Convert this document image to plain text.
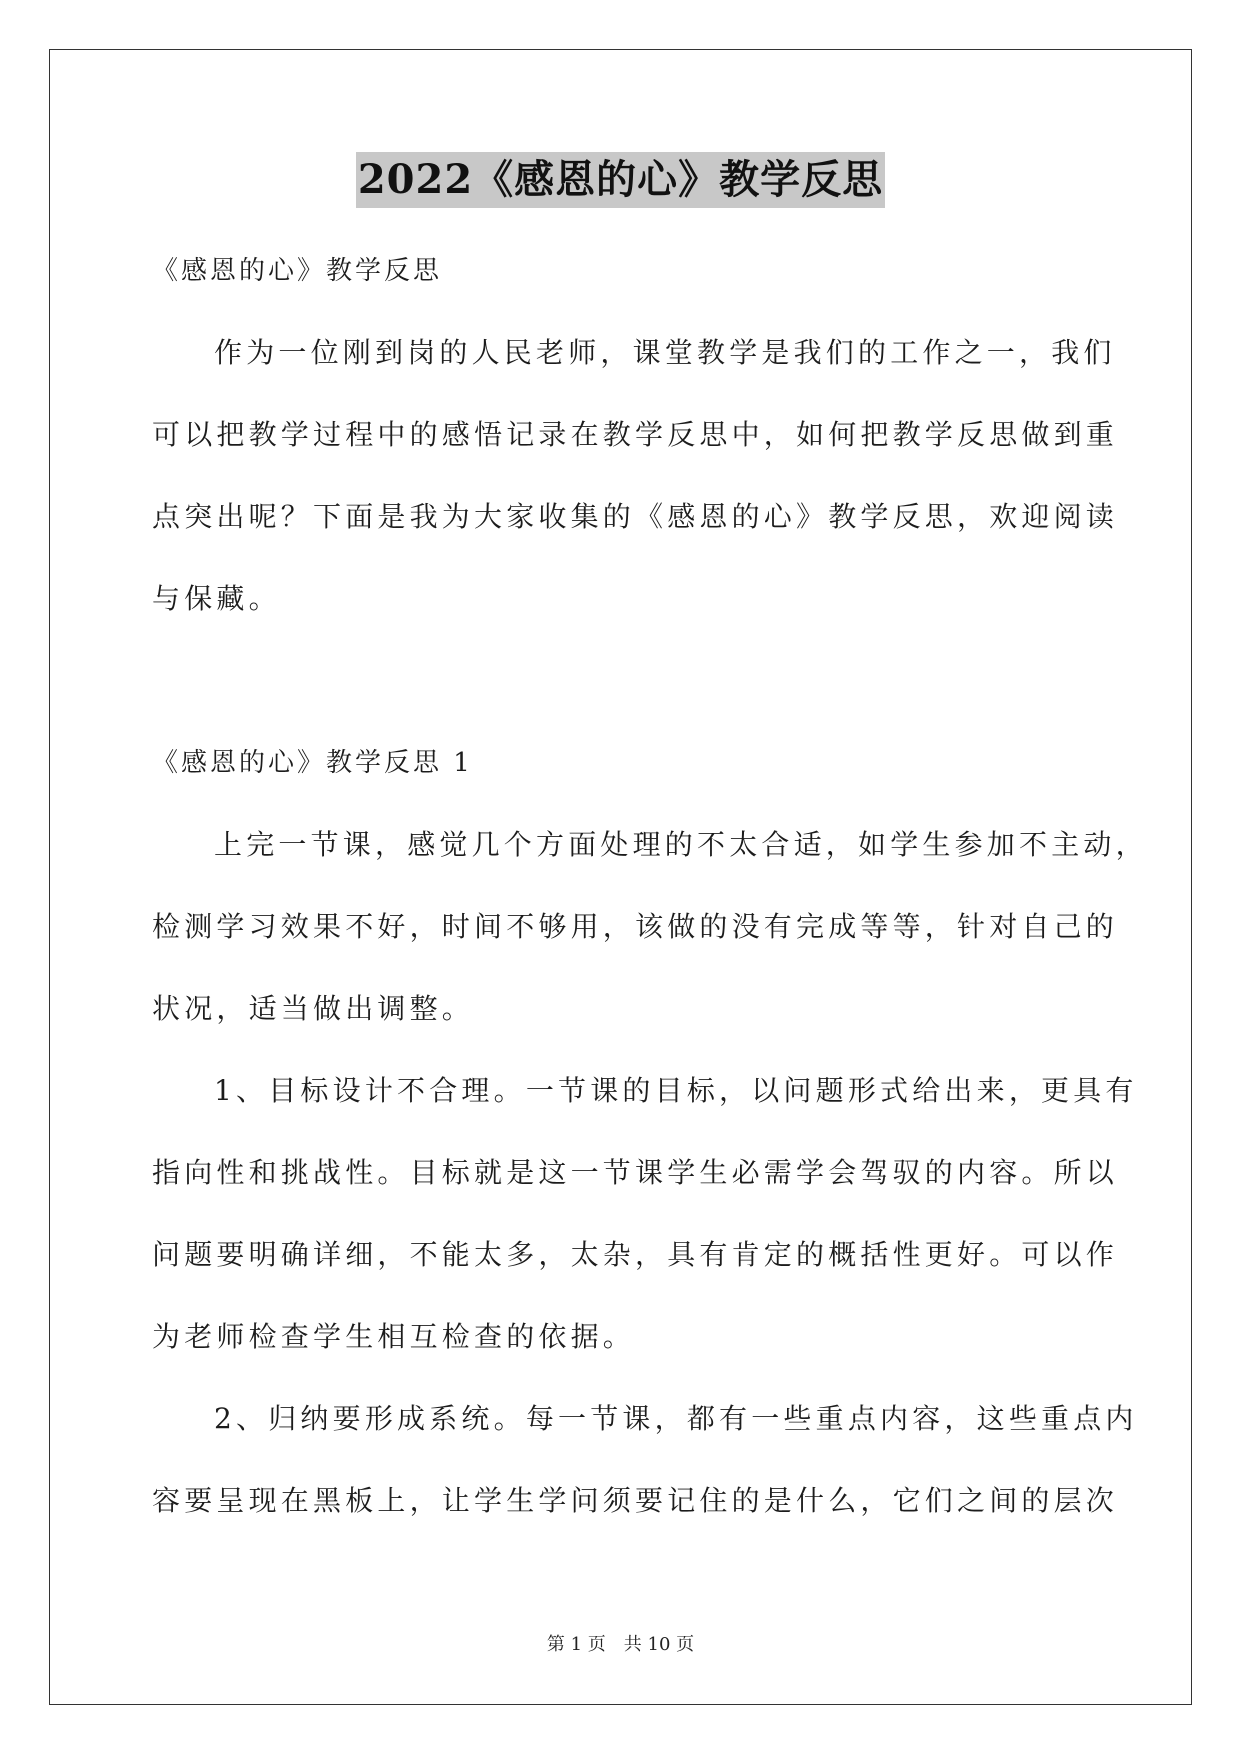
2022《感恩的心》教学反思
《感恩的心》教学反思
作为一位刚到岗的人民老师，课堂教学是我们的工作之一，我们
可以把教学过程中的感悟记录在教学反思中，如何把教学反思做到重
点突出呢？下面是我为大家收集的《感恩的心》教学反思，欢迎阅读
与保藏。
《感恩的心》教学反思 1
上完一节课，感觉几个方面处理的不太合适，如学生参加不主动，
检测学习效果不好，时间不够用，该做的没有完成等等，针对自己的
状况，适当做出调整。
1、目标设计不合理。一节课的目标，以问题形式给出来，更具有
指向性和挑战性。目标就是这一节课学生必需学会驾驭的内容。所以
问题要明确详细，不能太多，太杂，具有肯定的概括性更好。可以作
为老师检查学生相互检查的依据。
2、归纳要形成系统。每一节课，都有一些重点内容，这些重点内
容要呈现在黑板上，让学生学问须要记住的是什么，它们之间的层次
第 1 页　共 10 页
